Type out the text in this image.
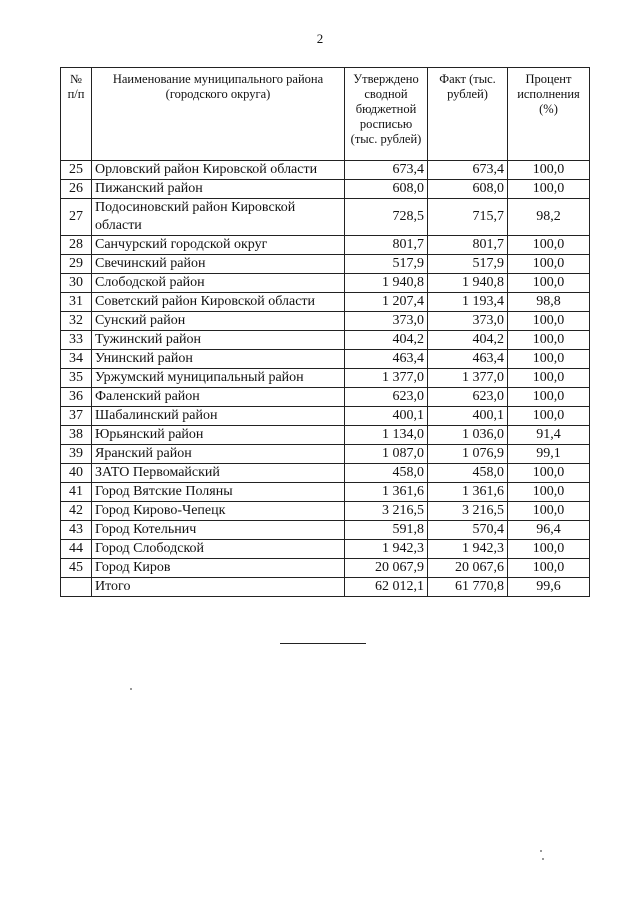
2
№ п/п	Наименование муниципального района (городского округа)	Утверждено сводной бюджетной росписью (тыс. рублей)	Факт (тыс. рублей)	Процент исполнения (%)
25	Орловский район Кировской области	673,4	673,4	100,0
26	Пижанский район	608,0	608,0	100,0
27	Подосиновский район Кировской области	728,5	715,7	98,2
28	Санчурский городской округ	801,7	801,7	100,0
29	Свечинский район	517,9	517,9	100,0
30	Слободской район	1 940,8	1 940,8	100,0
31	Советский район Кировской области	1 207,4	1 193,4	98,8
32	Сунский район	373,0	373,0	100,0
33	Тужинский район	404,2	404,2	100,0
34	Унинский район	463,4	463,4	100,0
35	Уржумский муниципальный район	1 377,0	1 377,0	100,0
36	Фаленский район	623,0	623,0	100,0
37	Шабалинский район	400,1	400,1	100,0
38	Юрьянский район	1 134,0	1 036,0	91,4
39	Яранский район	1 087,0	1 076,9	99,1
40	ЗАТО Первомайский	458,0	458,0	100,0
41	Город Вятские Поляны	1 361,6	1 361,6	100,0
42	Город Кирово-Чепецк	3 216,5	3 216,5	100,0
43	Город Котельнич	591,8	570,4	96,4
44	Город Слободской	1 942,3	1 942,3	100,0
45	Город Киров	20 067,9	20 067,6	100,0
	Итого	62 012,1	61 770,8	99,6
